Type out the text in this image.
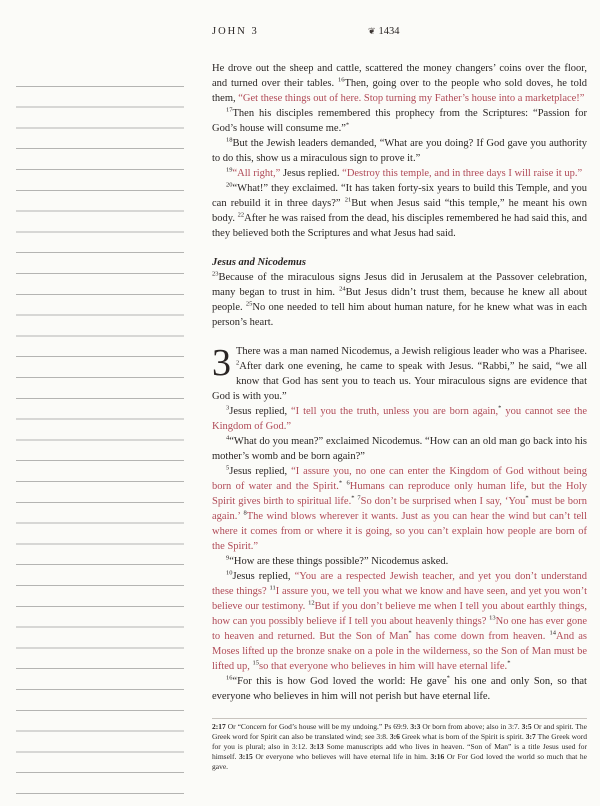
JOHN 3	❦ 1434

He drove out the sheep and cattle, scattered the money changers’ coins over the floor, and turned over their tables. $^{16}$Then, going over to the people who sold doves, he told them, “Get these things out of here. Stop turning my Father’s house into a marketplace!”

$^{17}$Then his disciples remembered this prophecy from the Scriptures: “Passion for God’s house will consume me.”*

$^{18}$But the Jewish leaders demanded, “What are you doing? If God gave you authority to do this, show us a miraculous sign to prove it.”

$^{19}$“All right,” Jesus replied. “Destroy this temple, and in three days I will raise it up.”

$^{20}$“What!” they exclaimed. “It has taken forty-six years to build this Temple, and you can rebuild it in three days?” $^{21}$But when Jesus said “this temple,” he meant his own body. $^{22}$After he was raised from the dead, his disciples remembered he had said this, and they believed both the Scriptures and what Jesus had said.

Jesus and Nicodemus

$^{23}$Because of the miraculous signs Jesus did in Jerusalem at the Passover celebration, many began to trust in him. $^{24}$But Jesus didn’t trust them, because he knew all about people. $^{25}$No one needed to tell him about human nature, for he knew what was in each person’s heart.

3 There was a man named Nicodemus, a Jewish religious leader who was a Pharisee. $^2$After dark one evening, he came to speak with Jesus. “Rabbi,” he said, “we all know that God has sent you to teach us. Your miraculous signs are evidence that God is with you.”

$^3$Jesus replied, “I tell you the truth, unless you are born again,* you cannot see the Kingdom of God.”

$^4$“What do you mean?” exclaimed Nicodemus. “How can an old man go back into his mother’s womb and be born again?”

$^5$Jesus replied, “I assure you, no one can enter the Kingdom of God without being born of water and the Spirit.* $^6$Humans can reproduce only human life, but the Holy Spirit gives birth to spiritual life.* $^7$So don’t be surprised when I say, ‘You* must be born again.’ $^8$The wind blows wherever it wants. Just as you can hear the wind but can’t tell where it comes from or where it is going, so you can’t explain how people are born of the Spirit.”

$^9$“How are these things possible?” Nicodemus asked.

$^{10}$Jesus replied, “You are a respected Jewish teacher, and yet you don’t understand these things? $^{11}$I assure you, we tell you what we know and have seen, and yet you won’t believe our testimony. $^{12}$But if you don’t believe me when I tell you about earthly things, how can you possibly believe if I tell you about heavenly things? $^{13}$No one has ever gone to heaven and returned. But the Son of Man* has come down from heaven. $^{14}$And as Moses lifted up the bronze snake on a pole in the wilderness, so the Son of Man must be lifted up, $^{15}$so that everyone who believes in him will have eternal life.*

$^{16}$“For this is how God loved the world: He gave* his one and only Son, so that everyone who believes in him will not perish but have eternal life.

2:17 Or “Concern for God’s house will be my undoing.” Ps 69:9. 3:3 Or born from above; also in 3:7. 3:5 Or and spirit. The Greek word for Spirit can also be translated wind; see 3:8. 3:6 Greek what is born of the Spirit is spirit. 3:7 The Greek word for you is plural; also in 3:12. 3:13 Some manuscripts add who lives in heaven. “Son of Man” is a title Jesus used for himself. 3:15 Or everyone who believes will have eternal life in him. 3:16 Or For God loved the world so much that he gave.
